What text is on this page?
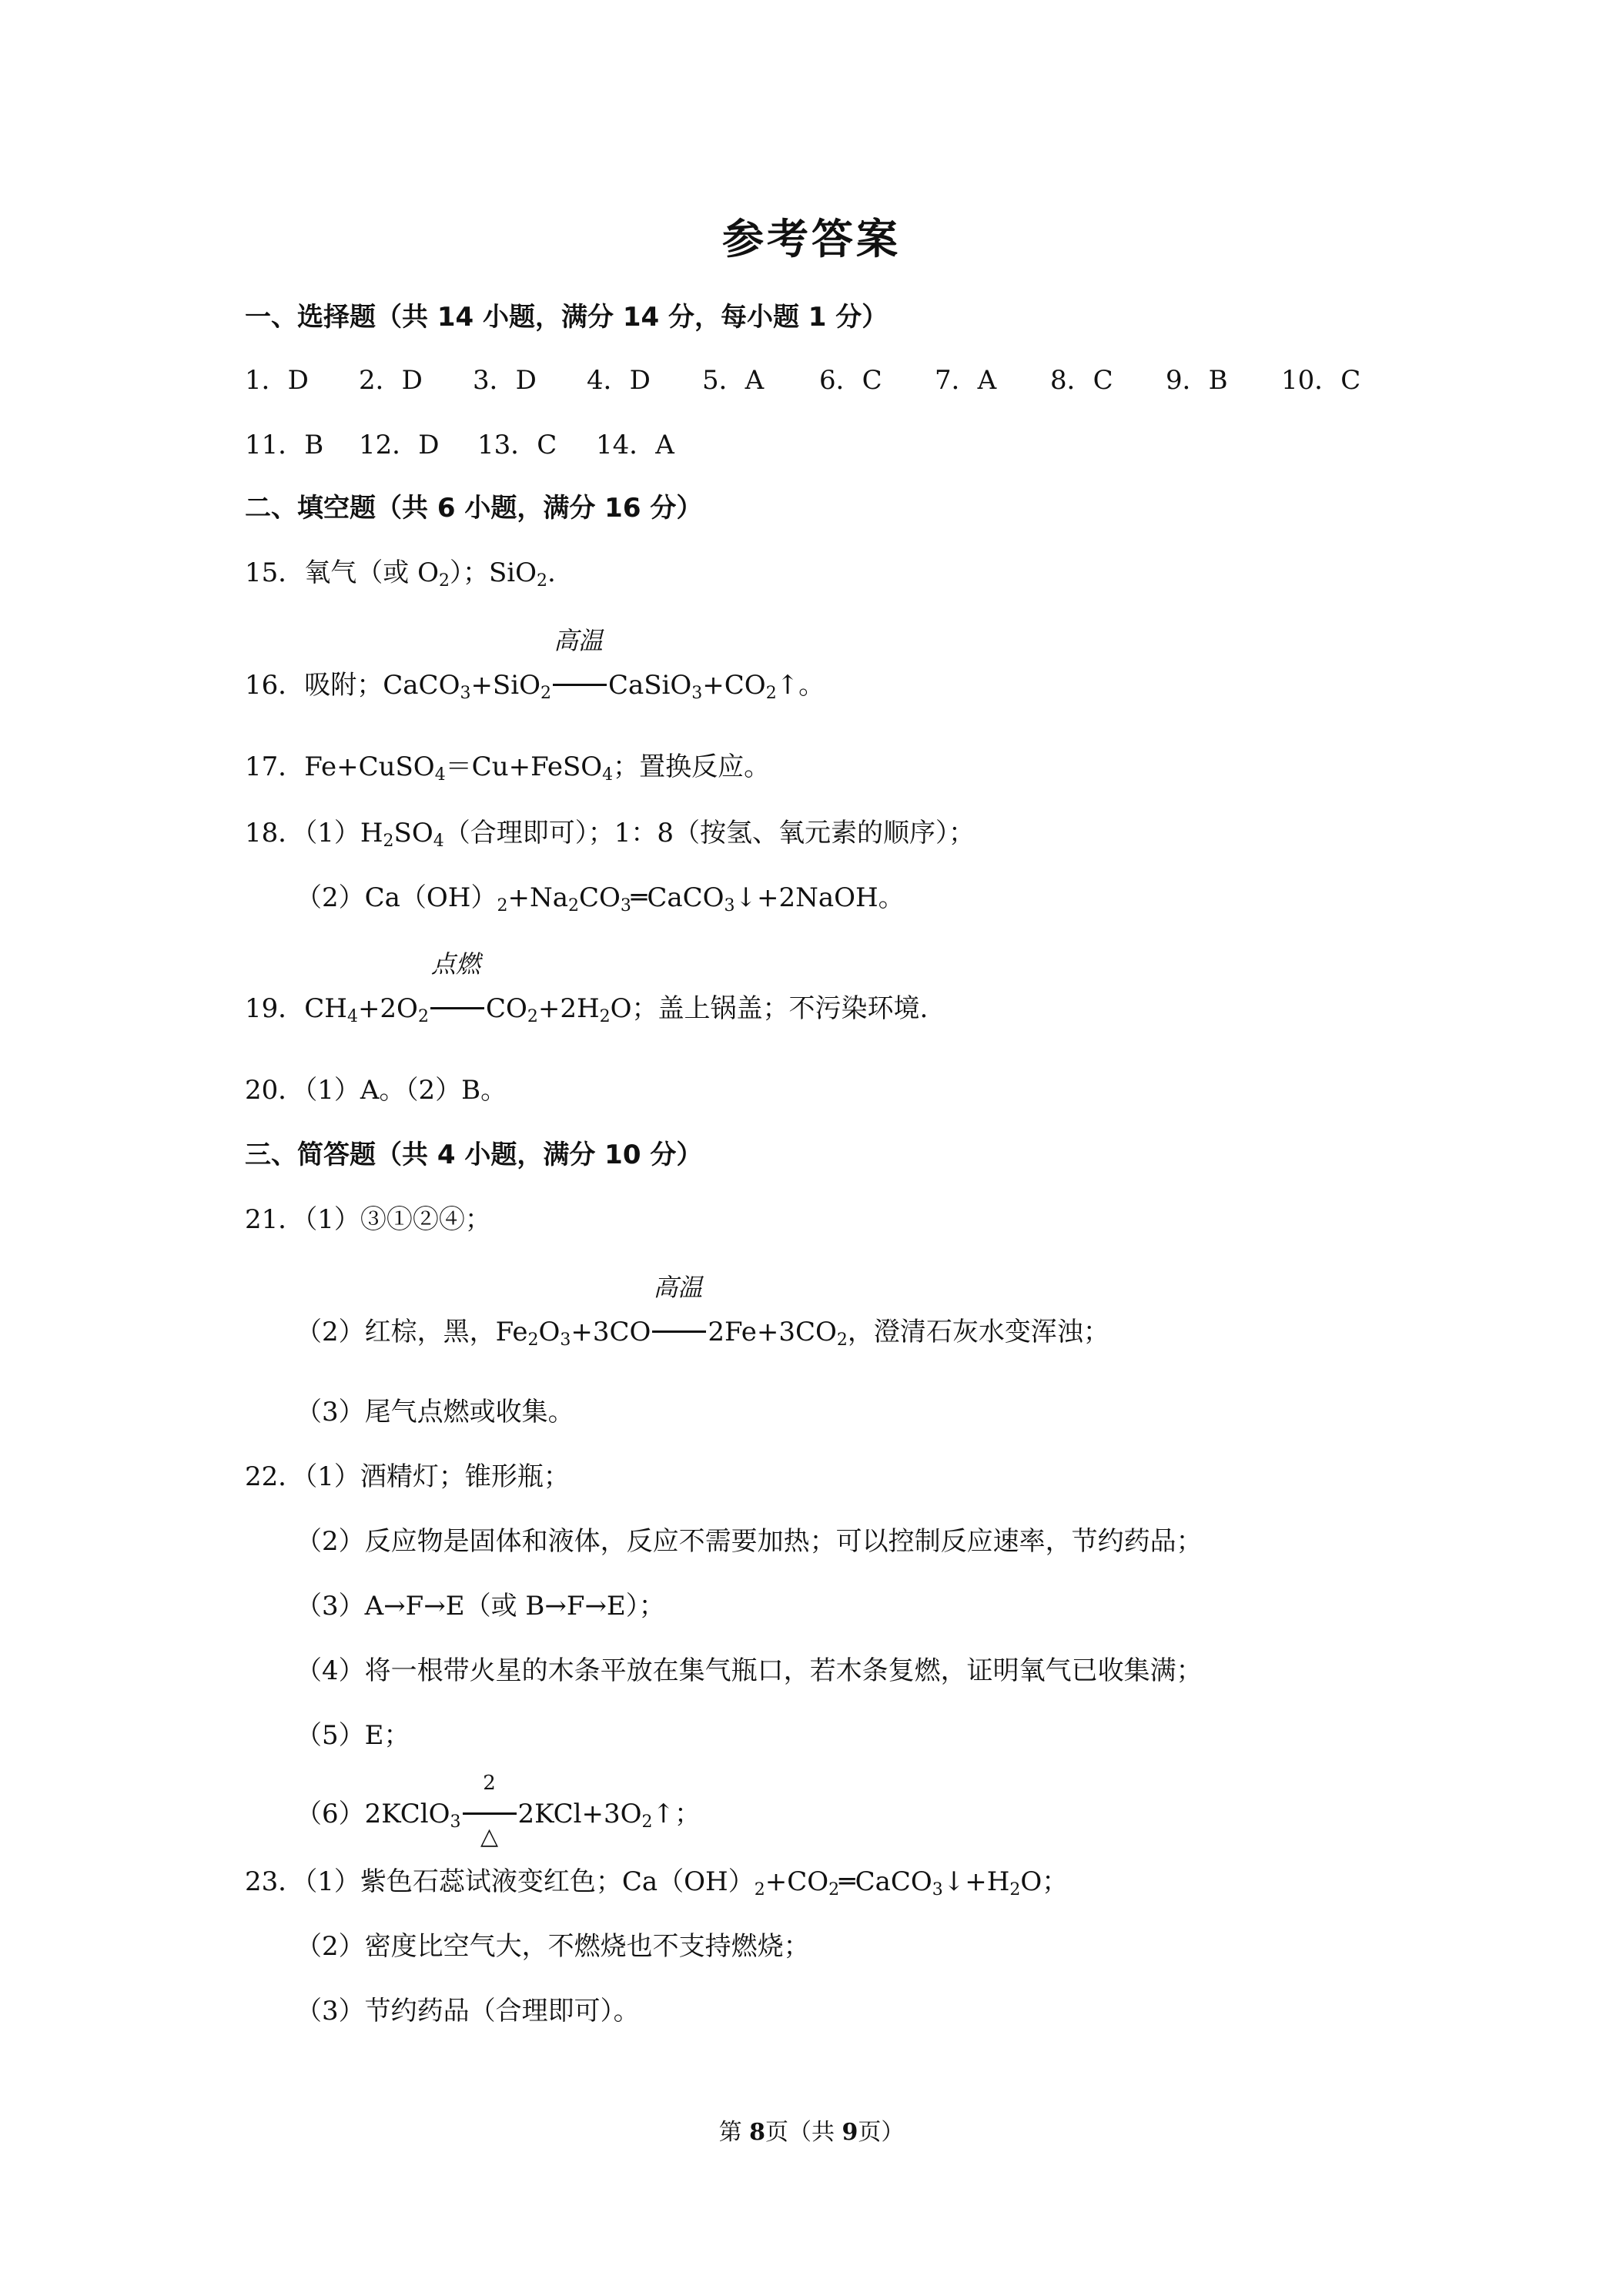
参考答案
一、选择题（共 14 小题，满分 14 分，每小题 1 分）
1．D 2．D 3．D 4．D 5．A 6．C 7．A 8．C 9．B 10．C
11．B 12．D 13．C 14．A
二、填空题（共 6 小题，满分 16 分）
15．氧气（或 $O_2$）；SiO$_2$.
16．吸附；CaCO$_3$+SiO$_2$
高温
$CaSiO_3+CO_2↑$。
17．Fe+CuSO$_4$＝Cu+FeSO$_4$；置换反应。
18．$(1)H_2SO_4$（合理即可）；1：8（按氢、氧元素的顺序）；
$(2)Ca(OH)_2+Na_2CO_3═CaCO_3↓+2NaOH$。
19．$CH_4+2O_2$
点燃
$CO_2+2H_2O$；盖上锅盖；不污染环境.
20．（1）A。（2）B。
三、简答题（共 4 小题，满分 10 分）
21．（1）③①②④；
（2）红棕，黑，$Fe_2O_3+3CO$
高温
$2Fe+3CO_2$，澄清石灰水变浑浊；
（3）尾气点燃或收集。
22．（1）酒精灯；锥形瓶；
（2）反应物是固体和液体，反应不需要加热；可以控制反应速率，节约药品；
（3）A→F→E（或 B→F→E）；
（4）将一根带火星的木条平放在集气瓶口，若木条复燃，证明氧气已收集满；
（5）E；
（6）2KClO$_3$
2
△
$2KCl+3O_2↑$；
23．（1）紫色石蕊试液变红色；$Ca(OH)_2+CO_2═CaCO_3↓+H_2O$；
（2）密度比空气大，不燃烧也不支持燃烧；
（3）节约药品（合理即可）。
第 8页（共 9页）
